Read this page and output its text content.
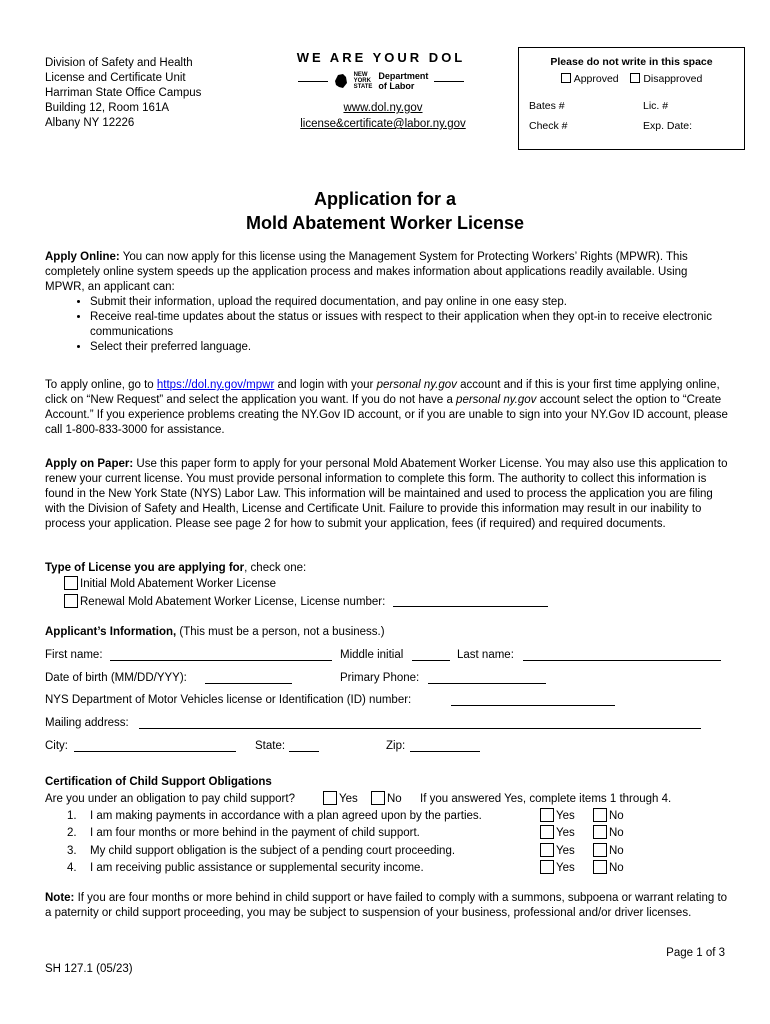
Division of Safety and Health
License and Certificate Unit
Harriman State Office Campus
Building 12, Room 161A
Albany NY 12226
WE ARE YOUR DOL
NEW
YORK
STATE
Department
of Labor
www.dol.ny.gov
license&certificate@labor.ny.gov
Please do not write in this space
Approved Disapproved
Bates #	Lic. #
Check #	Exp. Date:
Application for a
Mold Abatement Worker License
Apply Online: You can now apply for this license using the Management System for Protecting Workers’ Rights (MPWR). This completely online system speeds up the application process and makes information about applications readily available. Using MPWR, an applicant can:
• Submit their information, upload the required documentation, and pay online in one easy step.
• Receive real-time updates about the status or issues with respect to their application when they opt-in to receive electronic communications
• Select their preferred language.
To apply online, go to https://dol.ny.gov/mpwr and login with your personal ny.gov account and if this is your first time applying online, click on “New Request” and select the application you want. If you do not have a personal ny.gov account select the option to “Create Account.” If you experience problems creating the NY.Gov ID account, or if you are unable to sign into your NY.Gov ID account, please call 1-800-833-3000 for assistance.
Apply on Paper: Use this paper form to apply for your personal Mold Abatement Worker License. You may also use this application to renew your current license. You must provide personal information to complete this form. The authority to collect this information is found in the New York State (NYS) Labor Law. This information will be maintained and used to process the application you are filing with the Division of Safety and Health, License and Certificate Unit. Failure to provide this information may result in our inability to process your application. Please see page 2 for how to submit your application, fees (if required) and required documents.
Type of License you are applying for, check one:
Initial Mold Abatement Worker License
Renewal Mold Abatement Worker License, License number:
Applicant’s Information, (This must be a person, not a business.)
First name:	Middle initial	Last name:
Date of birth (MM/DD/YYY):	Primary Phone:
NYS Department of Motor Vehicles license or Identification (ID) number:
Mailing address:
City:	State:	Zip:
Certification of Child Support Obligations
Are you under an obligation to pay child support?	Yes	No If you answered Yes, complete items 1 through 4.
1. I am making payments in accordance with a plan agreed upon by the parties.	Yes	No
2. I am four months or more behind in the payment of child support.	Yes	No
3. My child support obligation is the subject of a pending court proceeding.	Yes	No
4. I am receiving public assistance or supplemental security income.	Yes	No
Note: If you are four months or more behind in child support or have failed to comply with a summons, subpoena or warrant relating to a paternity or child support proceeding, you may be subject to suspension of your business, professional and/or driver licenses.
Page 1 of 3
SH 127.1 (05/23)
